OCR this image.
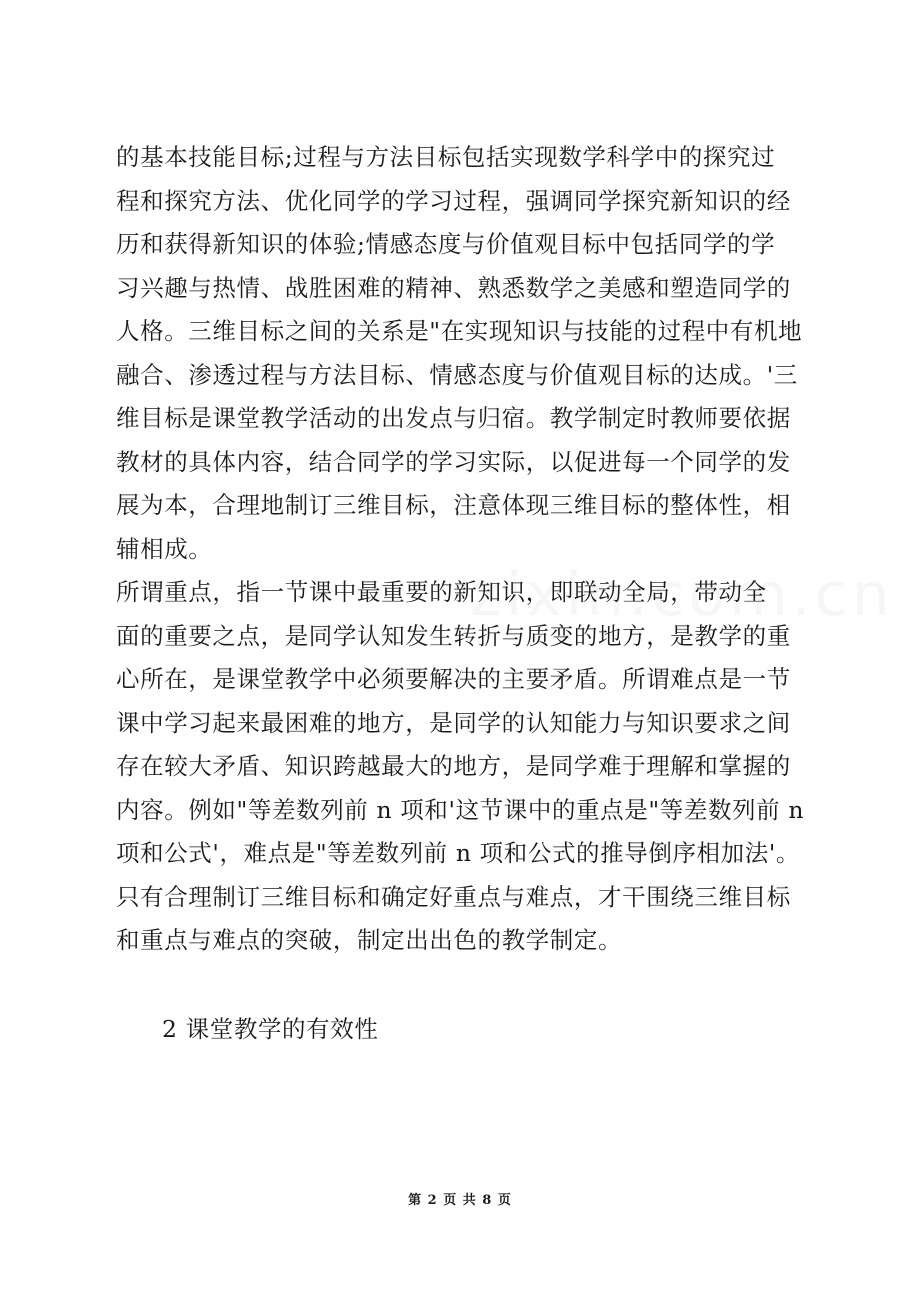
的基本技能目标;过程与方法目标包括实现数学科学中的探究过
程和探究方法、优化同学的学习过程，强调同学探究新知识的经
历和获得新知识的体验;情感态度与价值观目标中包括同学的学
习兴趣与热情、战胜困难的精神、熟悉数学之美感和塑造同学的
人格。三维目标之间的关系是"在实现知识与技能的过程中有机地
融合、渗透过程与方法目标、情感态度与价值观目标的达成。'三
维目标是课堂教学活动的出发点与归宿。教学制定时教师要依据
教材的具体内容，结合同学的学习实际，以促进每一个同学的发
展为本，合理地制订三维目标，注意体现三维目标的整体性，相
辅相成。
所谓重点，指一节课中最重要的新知识，即联动全局，带动全
面的重要之点，是同学认知发生转折与质变的地方，是教学的重
心所在，是课堂教学中必须要解决的主要矛盾。所谓难点是一节
课中学习起来最困难的地方，是同学的认知能力与知识要求之间
存在较大矛盾、知识跨越最大的地方，是同学难于理解和掌握的
内容。例如"等差数列前 n 项和'这节课中的重点是"等差数列前 n
项和公式'，难点是"等差数列前 n 项和公式的推导倒序相加法'。
只有合理制订三维目标和确定好重点与难点，才干围绕三维目标
和重点与难点的突破，制定出出色的教学制定。
2 课堂教学的有效性
第 2 页 共 8 页
